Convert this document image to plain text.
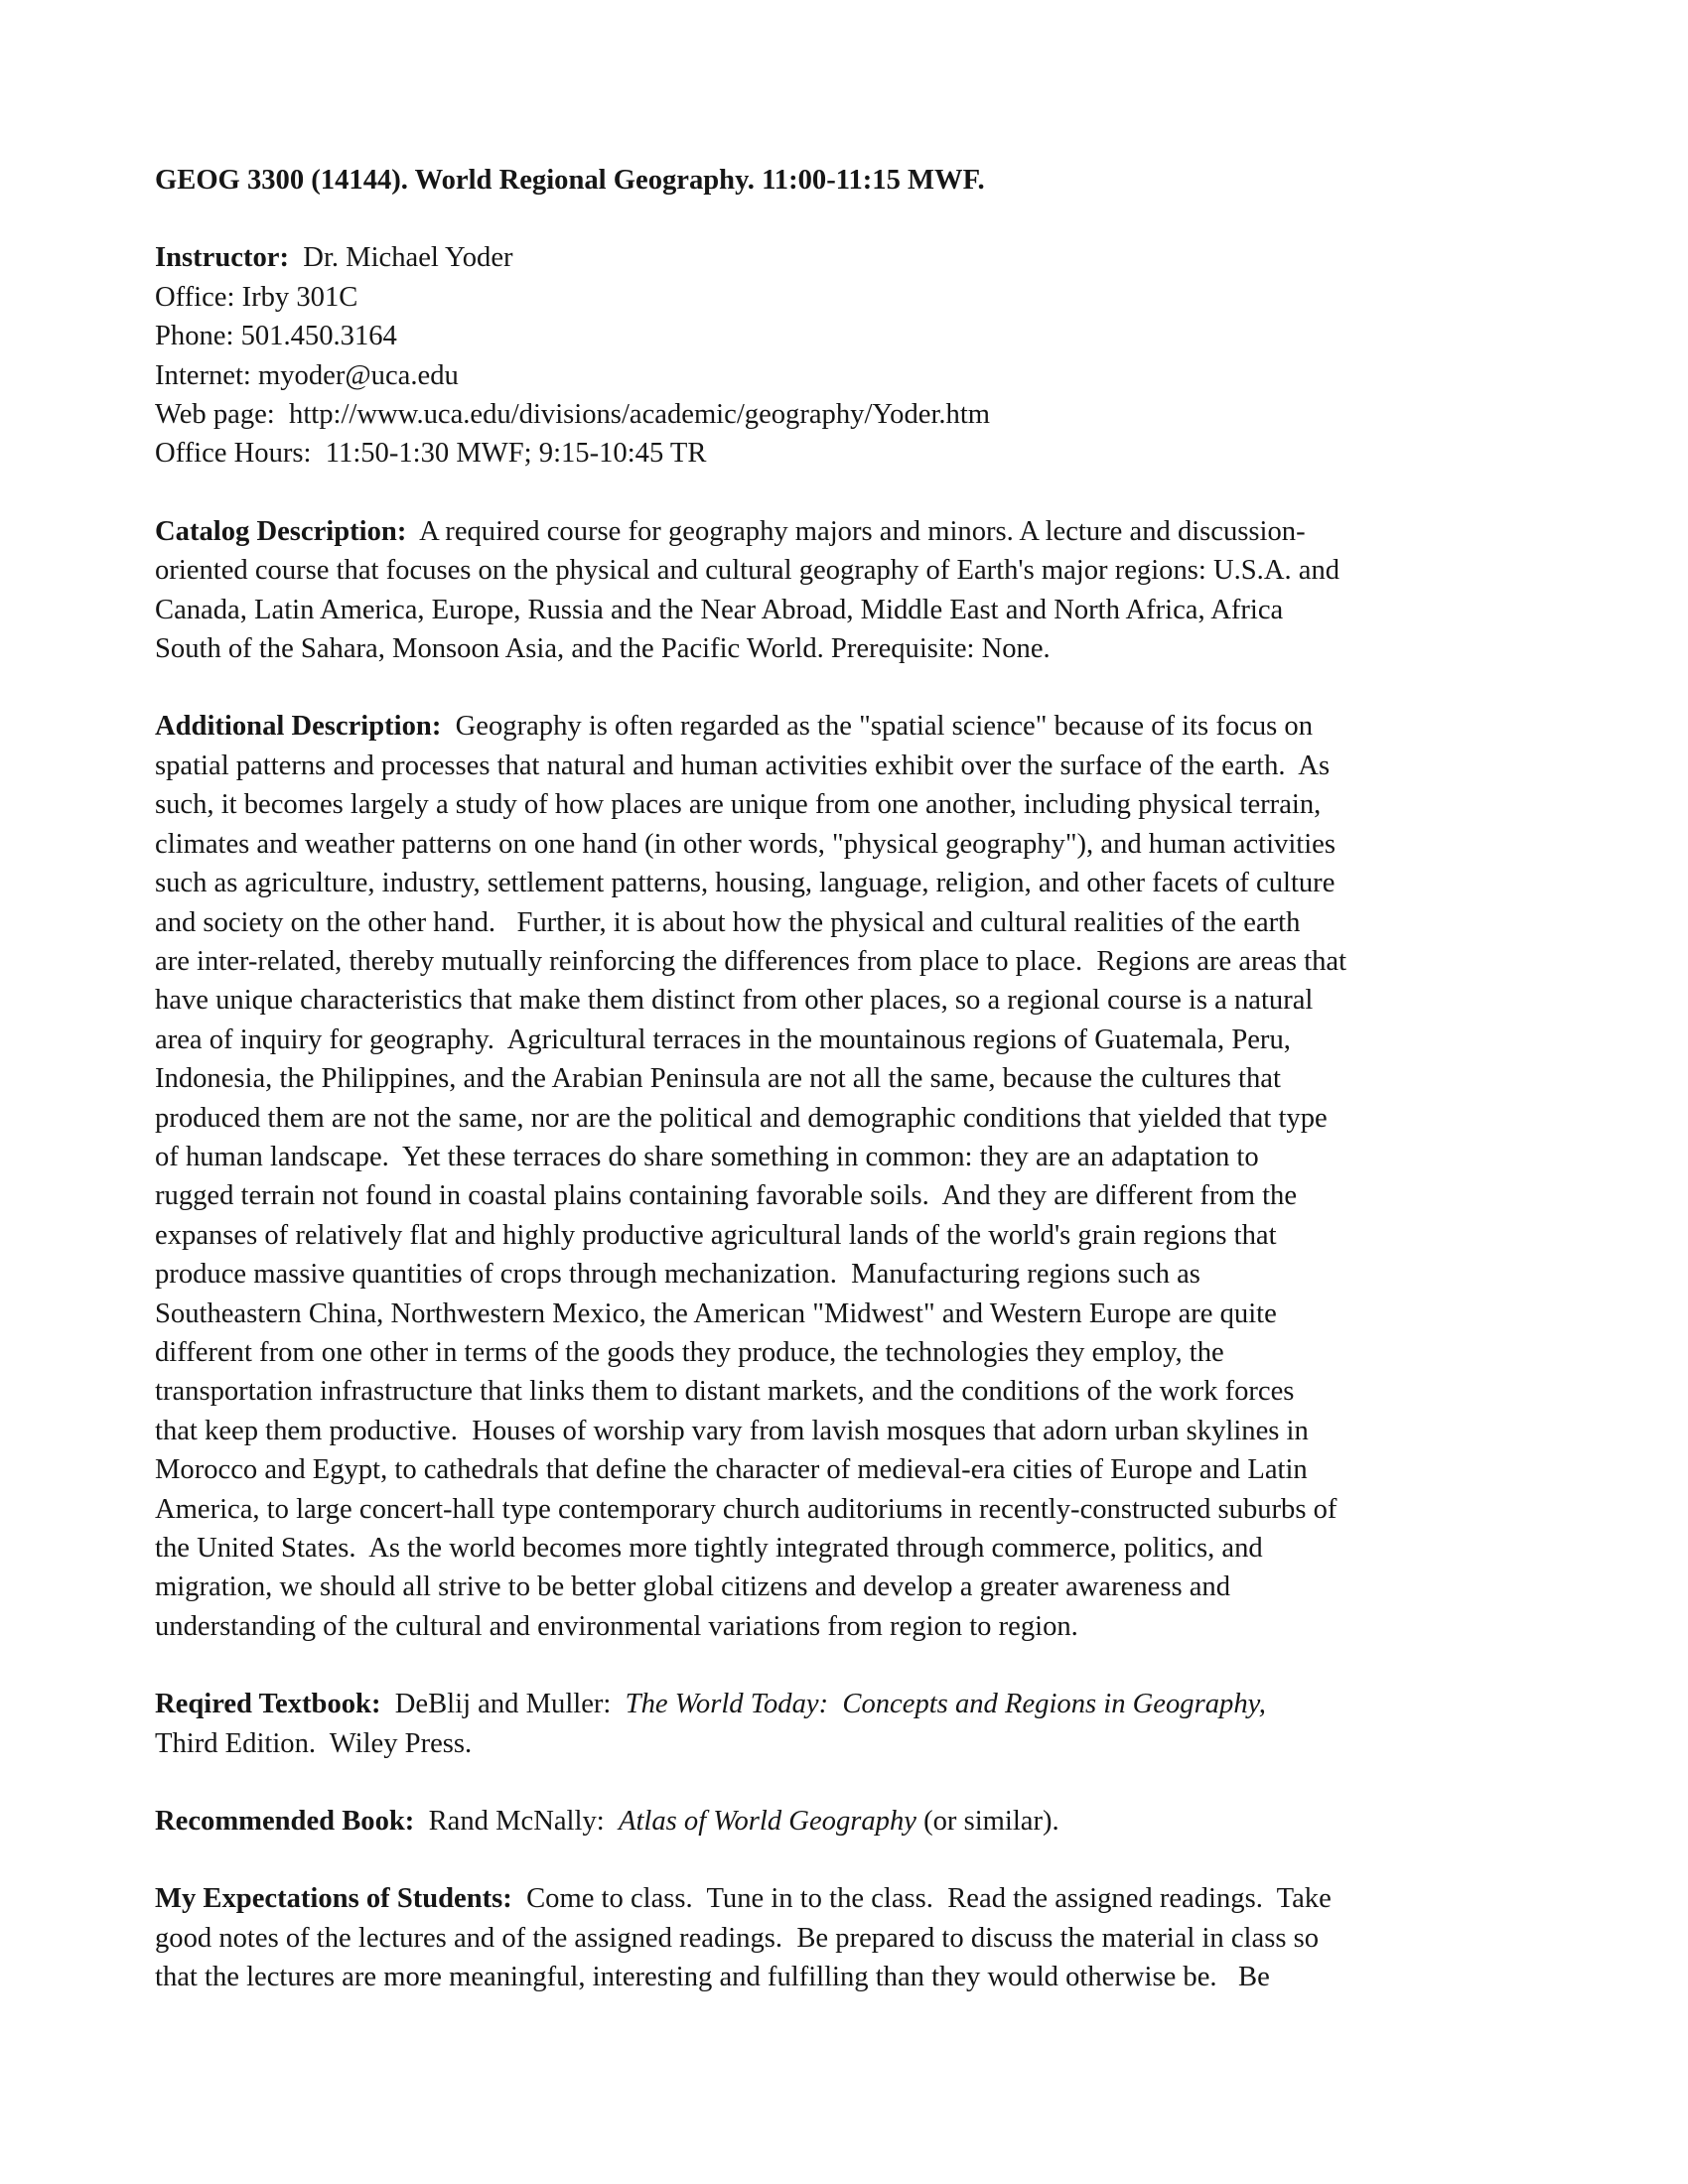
GEOG 3300 (14144). World Regional Geography. 11:00-11:15 MWF.
Instructor: Dr. Michael Yoder
Office: Irby 301C
Phone: 501.450.3164
Internet: myoder@uca.edu
Web page:  http://www.uca.edu/divisions/academic/geography/Yoder.htm
Office Hours:  11:50-1:30 MWF; 9:15-10:45 TR
Catalog Description: A required course for geography majors and minors. A lecture and discussion-
oriented course that focuses on the physical and cultural geography of Earth's major regions: U.S.A. and
Canada, Latin America, Europe, Russia and the Near Abroad, Middle East and North Africa, Africa
South of the Sahara, Monsoon Asia, and the Pacific World. Prerequisite: None.
Additional Description: Geography is often regarded as the "spatial science" because of its focus on
spatial patterns and processes that natural and human activities exhibit over the surface of the earth.  As
such, it becomes largely a study of how places are unique from one another, including physical terrain,
climates and weather patterns on one hand (in other words, "physical geography"), and human activities
such as agriculture, industry, settlement patterns, housing, language, religion, and other facets of culture
and society on the other hand.   Further, it is about how the physical and cultural realities of the earth
are inter-related, thereby mutually reinforcing the differences from place to place.  Regions are areas that
have unique characteristics that make them distinct from other places, so a regional course is a natural
area of inquiry for geography.  Agricultural terraces in the mountainous regions of Guatemala, Peru,
Indonesia, the Philippines, and the Arabian Peninsula are not all the same, because the cultures that
produced them are not the same, nor are the political and demographic conditions that yielded that type
of human landscape.  Yet these terraces do share something in common: they are an adaptation to
rugged terrain not found in coastal plains containing favorable soils.  And they are different from the
expanses of relatively flat and highly productive agricultural lands of the world's grain regions that
produce massive quantities of crops through mechanization.  Manufacturing regions such as
Southeastern China, Northwestern Mexico, the American "Midwest" and Western Europe are quite
different from one other in terms of the goods they produce, the technologies they employ, the
transportation infrastructure that links them to distant markets, and the conditions of the work forces
that keep them productive.  Houses of worship vary from lavish mosques that adorn urban skylines in
Morocco and Egypt, to cathedrals that define the character of medieval-era cities of Europe and Latin
America, to large concert-hall type contemporary church auditoriums in recently-constructed suburbs of
the United States.  As the world becomes more tightly integrated through commerce, politics, and
migration, we should all strive to be better global citizens and develop a greater awareness and
understanding of the cultural and environmental variations from region to region.
Reqired Textbook: DeBlij and Muller: The World Today:  Concepts and Regions in Geography,
Third Edition.  Wiley Press.
Recommended Book: Rand McNally: Atlas of World Geography (or similar).
My Expectations of Students: Come to class.  Tune in to the class.  Read the assigned readings.  Take
good notes of the lectures and of the assigned readings.  Be prepared to discuss the material in class so
that the lectures are more meaningful, interesting and fulfilling than they would otherwise be.   Be
